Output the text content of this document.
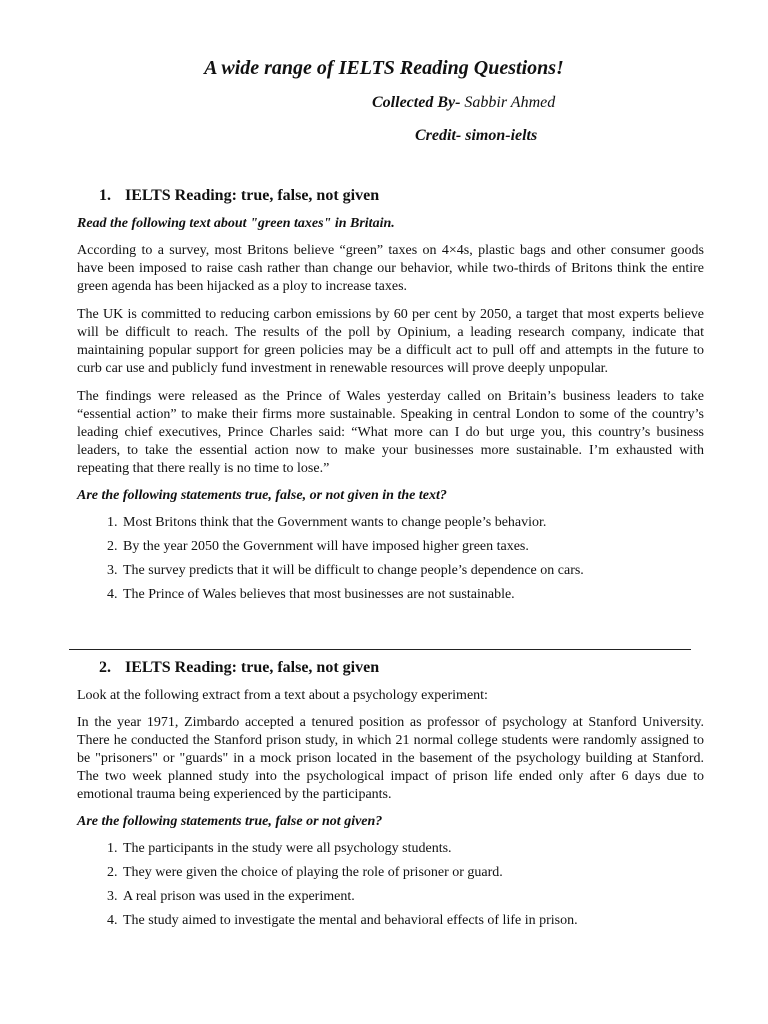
A wide range of IELTS Reading Questions!

Collected By- Sabbir Ahmed

Credit- simon-ielts

1. IELTS Reading: true, false, not given

Read the following text about "green taxes" in Britain.

According to a survey, most Britons believe “green” taxes on 4×4s, plastic bags and other consumer goods have been imposed to raise cash rather than change our behavior, while two-thirds of Britons think the entire green agenda has been hijacked as a ploy to increase taxes.

The UK is committed to reducing carbon emissions by 60 per cent by 2050, a target that most experts believe will be difficult to reach. The results of the poll by Opinium, a leading research company, indicate that maintaining popular support for green policies may be a difficult act to pull off and attempts in the future to curb car use and publicly fund investment in renewable resources will prove deeply unpopular.

The findings were released as the Prince of Wales yesterday called on Britain’s business leaders to take “essential action” to make their firms more sustainable. Speaking in central London to some of the country’s leading chief executives, Prince Charles said: “What more can I do but urge you, this country’s business leaders, to take the essential action now to make your businesses more sustainable. I’m exhausted with repeating that there really is no time to lose.”

Are the following statements true, false, or not given in the text?

1. Most Britons think that the Government wants to change people’s behavior.
2. By the year 2050 the Government will have imposed higher green taxes.
3. The survey predicts that it will be difficult to change people’s dependence on cars.
4. The Prince of Wales believes that most businesses are not sustainable.
2. IELTS Reading: true, false, not given

Look at the following extract from a text about a psychology experiment:

In the year 1971, Zimbardo accepted a tenured position as professor of psychology at Stanford University. There he conducted the Stanford prison study, in which 21 normal college students were randomly assigned to be "prisoners" or "guards" in a mock prison located in the basement of the psychology building at Stanford. The two week planned study into the psychological impact of prison life ended only after 6 days due to emotional trauma being experienced by the participants.

Are the following statements true, false or not given?

1. The participants in the study were all psychology students.
2. They were given the choice of playing the role of prisoner or guard.
3. A real prison was used in the experiment.
4. The study aimed to investigate the mental and behavioral effects of life in prison.
